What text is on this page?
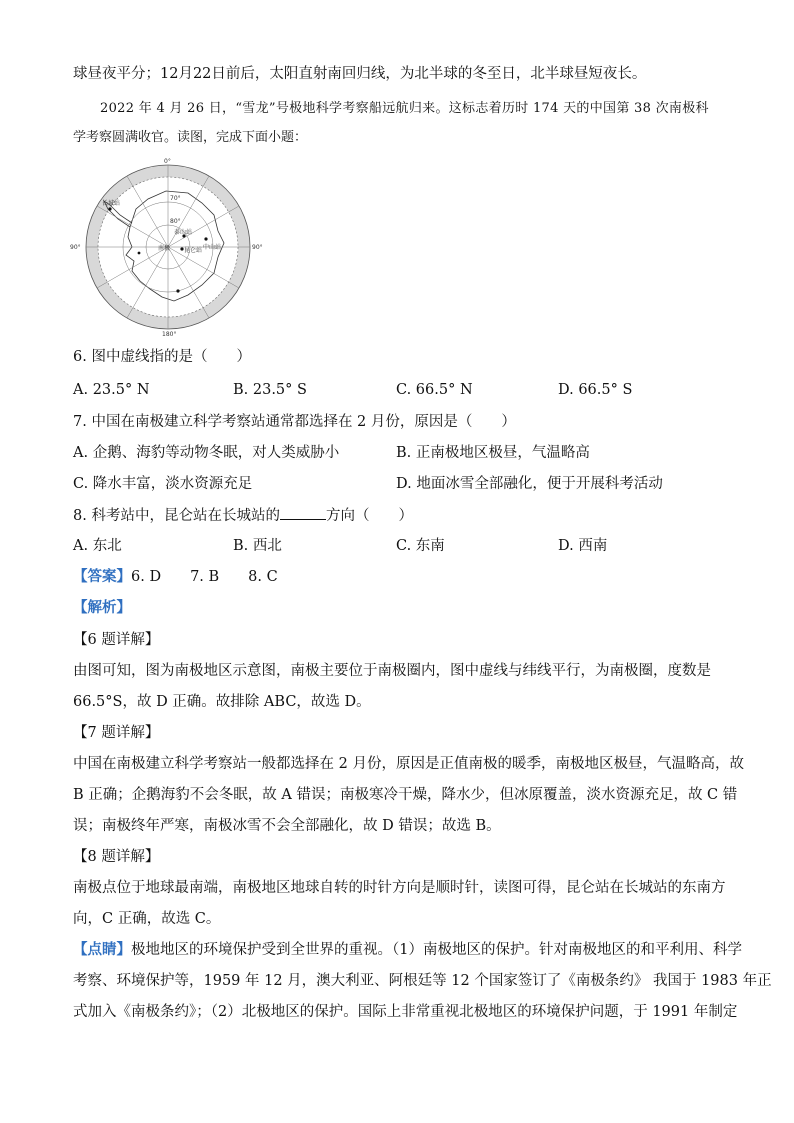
球昼夜平分；12月22日前后，太阳直射南回归线，为北半球的冬至日，北半球昼短夜长。
2022 年 4 月 26 日，“雪龙”号极地科学考察船远航归来。这标志着历时 174 天的中国第 38 次南极科
学考察圆满收官。读图，完成下面小题：
0°
180°
90°	90°
70°
80°
南极
长城站
泰山站
昆仑站 中山站
6. 图中虚线指的是（　　）
A. 23.5° N	B. 23.5° S	C. 66.5° N	D. 66.5° S
7. 中国在南极建立科学考察站通常都选择在 2 月份，原因是（　　）
A. 企鹅、海豹等动物冬眠，对人类威胁小	B. 正南极地区极昼，气温略高
C. 降水丰富，淡水资源充足	D. 地面冰雪全部融化，便于开展科考活动
8. 科考站中，昆仑站在长城站的	方向（　　）
A. 东北	B. 西北	C. 东南	D. 西南
【答案】6. D　　7. B　　8. C
【解析】
【6 题详解】
由图可知，图为南极地区示意图，南极主要位于南极圈内，图中虚线与纬线平行，为南极圈，度数是
66.5°S，故 D 正确。故排除 ABC，故选 D。
【7 题详解】
中国在南极建立科学考察站一般都选择在 2 月份，原因是正值南极的暖季，南极地区极昼，气温略高，故
B 正确；企鹅海豹不会冬眠，故 A 错误；南极寒冷干燥，降水少，但冰原覆盖，淡水资源充足，故 C 错
误；南极终年严寒，南极冰雪不会全部融化，故 D 错误；故选 B。
【8 题详解】
南极点位于地球最南端，南极地区地球自转的时针方向是顺时针，读图可得，昆仑站在长城站的东南方
向，C 正确，故选 C。
【点睛】极地地区的环境保护受到全世界的重视。（1）南极地区的保护。针对南极地区的和平利用、科学
考察、环境保护等，1959 年 12 月，澳大利亚、阿根廷等 12 个国家签订了《南极条约》 我国于 1983 年正
式加入《南极条约》；（2）北极地区的保护。国际上非常重视北极地区的环境保护问题，于 1991 年制定
